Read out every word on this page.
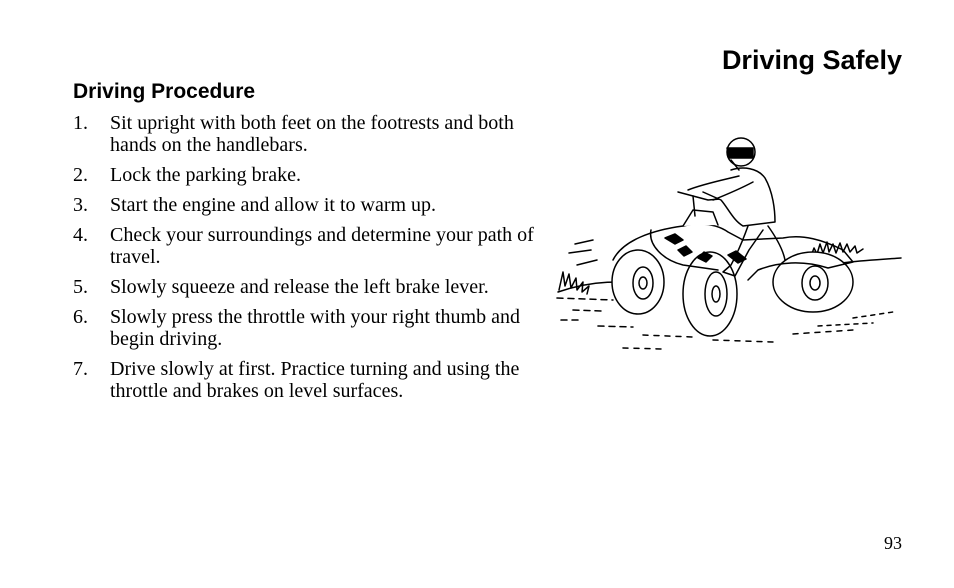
Driving Safely
Driving Procedure
1. Sit upright with both feet on the footrests and both hands on the handlebars.
2. Lock the parking brake.
3. Start the engine and allow it to warm up.
4. Check your surroundings and determine your path of travel.
5. Slowly squeeze and release the left brake lever.
6. Slowly press the throttle with your right thumb and begin driving.
7. Drive slowly at first. Practice turning and using the throttle and brakes on level surfaces.
93
